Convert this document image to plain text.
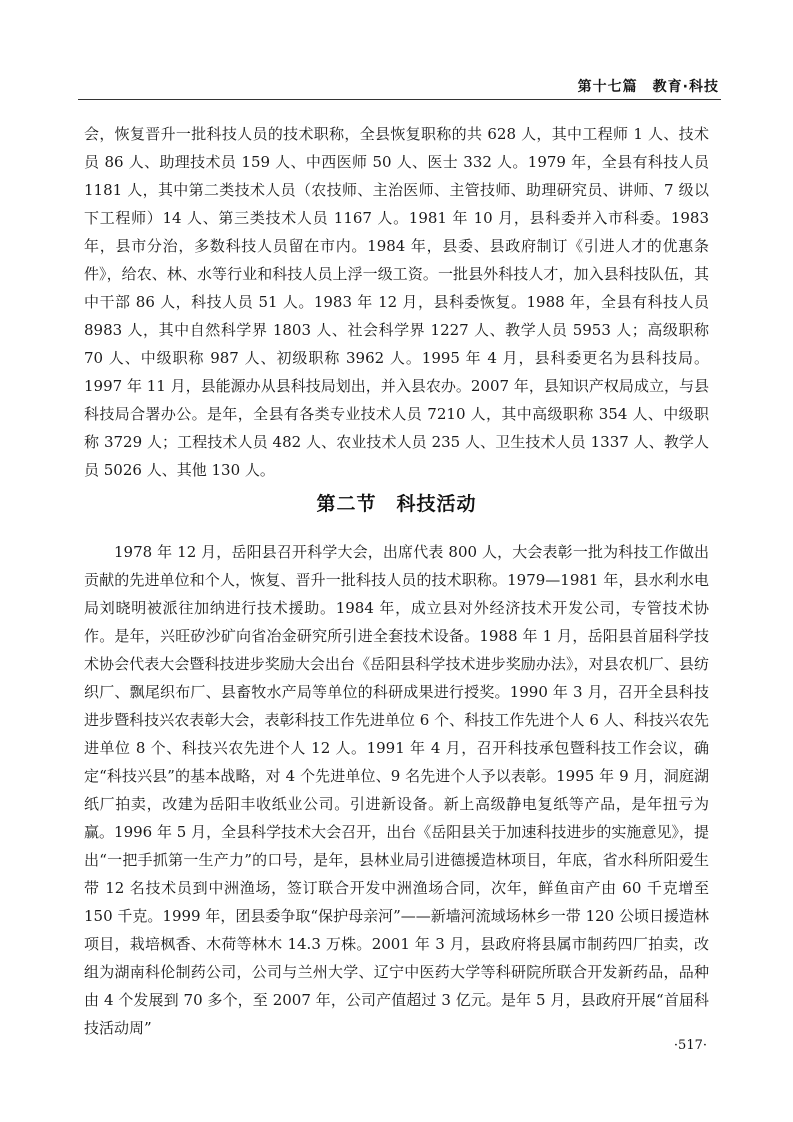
第十七篇　教育·科技

会，恢复晋升一批科技人员的技术职称，全县恢复职称的共 628 人，其中工程师 1 人、技术员 86 人、助理技术员 159 人、中西医师 50 人、医士 332 人。1979 年，全县有科技人员 1181 人，其中第二类技术人员（农技师、主治医师、主管技师、助理研究员、讲师、7 级以下工程师）14 人、第三类技术人员 1167 人。1981 年 10 月，县科委并入市科委。1983 年，县市分治，多数科技人员留在市内。1984 年，县委、县政府制订《引进人才的优惠条件》，给农、林、水等行业和科技人员上浮一级工资。一批县外科技人才，加入县科技队伍，其中干部 86 人，科技人员 51 人。1983 年 12 月，县科委恢复。1988 年，全县有科技人员 8983 人，其中自然科学界 1803 人、社会科学界 1227 人、教学人员 5953 人；高级职称 70 人、中级职称 987 人、初级职称 3962 人。1995 年 4 月，县科委更名为县科技局。1997 年 11 月，县能源办从县科技局划出，并入县农办。2007 年，县知识产权局成立，与县科技局合署办公。是年，全县有各类专业技术人员 7210 人，其中高级职称 354 人、中级职称 3729 人；工程技术人员 482 人、农业技术人员 235 人、卫生技术人员 1337 人、教学人员 5026 人、其他 130 人。

第二节　科技活动

1978 年 12 月，岳阳县召开科学大会，出席代表 800 人，大会表彰一批为科技工作做出贡献的先进单位和个人，恢复、晋升一批科技人员的技术职称。1979—1981 年，县水利水电局刘晓明被派往加纳进行技术援助。1984 年，成立县对外经济技术开发公司，专管技术协作。是年，兴旺矽沙矿向省冶金研究所引进全套技术设备。1988 年 1 月，岳阳县首届科学技术协会代表大会暨科技进步奖励大会出台《岳阳县科学技术进步奖励办法》，对县农机厂、县纺织厂、飘尾织布厂、县畜牧水产局等单位的科研成果进行授奖。1990 年 3 月，召开全县科技进步暨科技兴农表彰大会，表彰科技工作先进单位 6 个、科技工作先进个人 6 人、科技兴农先进单位 8 个、科技兴农先进个人 12 人。1991 年 4 月，召开科技承包暨科技工作会议，确定“科技兴县”的基本战略，对 4 个先进单位、9 名先进个人予以表彰。1995 年 9 月，洞庭湖纸厂拍卖，改建为岳阳丰收纸业公司。引进新设备。新上高级静电复纸等产品，是年扭亏为赢。1996 年 5 月，全县科学技术大会召开，出台《岳阳县关于加速科技进步的实施意见》，提出“一把手抓第一生产力”的口号，是年，县林业局引进德援造林项目，年底，省水科所阳爱生带 12 名技术员到中洲渔场，签订联合开发中洲渔场合同，次年，鲜鱼亩产由 60 千克增至 150 千克。1999 年，团县委争取“保护母亲河”——新墙河流域场林乡一带 120 公顷日援造林项目，栽培枫香、木荷等林木 14.3 万株。2001 年 3 月，县政府将县属市制药四厂拍卖，改组为湖南科伦制药公司，公司与兰州大学、辽宁中医药大学等科研院所联合开发新药品，品种由 4 个发展到 70 多个，至 2007 年，公司产值超过 3 亿元。是年 5 月，县政府开展“首届科技活动周”

·517·
